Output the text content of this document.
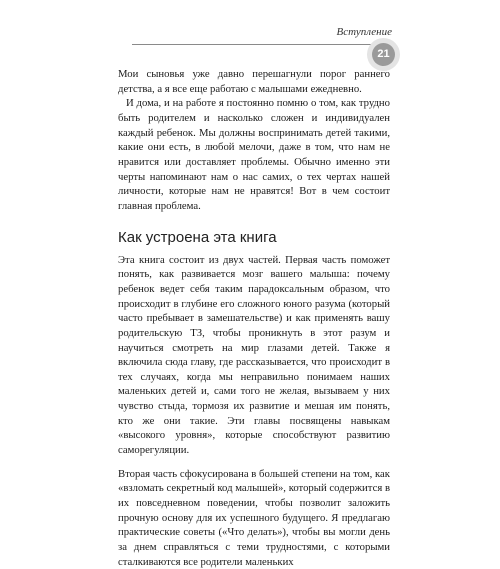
Вступление
21

Мои сыновья уже давно перешагнули порог раннего детства, а я все еще работаю с малышами ежедневно.

И дома, и на работе я постоянно помню о том, как трудно быть родителем и насколько сложен и индивидуален каждый ребенок. Мы должны воспринимать детей такими, какие они есть, в любой мелочи, даже в том, что нам не нравится или доставляет проблемы. Обычно именно эти черты напоминают нам о нас самих, о тех чертах нашей личности, которые нам не нравятся! Вот в чем состоит главная проблема.

Как устроена эта книга

Эта книга состоит из двух частей. Первая часть поможет понять, как развивается мозг вашего малыша: почему ребенок ведет себя таким парадоксальным образом, что происходит в глубине его сложного юного разума (который часто пребывает в замешательстве) и как применять вашу родительскую ТЗ, чтобы проникнуть в этот разум и научиться смотреть на мир глазами детей. Также я включила сюда главу, где рассказывается, что происходит в тех случаях, когда мы неправильно понимаем наших маленьких детей и, сами того не желая, вызываем у них чувство стыда, тормозя их развитие и мешая им понять, кто же они такие. Эти главы посвящены навыкам «высокого уровня», которые способствуют развитию саморегуляции.

Вторая часть сфокусирована в большей степени на том, как «взломать секретный код малышей», который содержится в их повседневном поведении, чтобы позволит заложить прочную основу для их успешного будущего. Я предлагаю практические советы («Что делать»), чтобы вы могли день за днем справляться с теми трудностями, с которыми сталкиваются все родители маленьких
